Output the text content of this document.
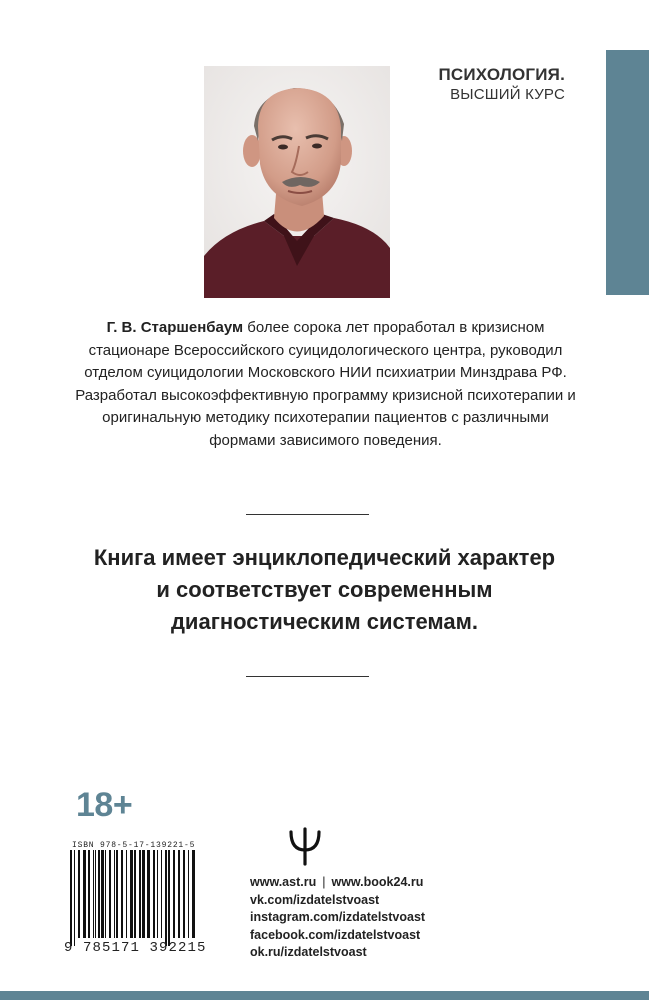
ПСИХОЛОГИЯ.
ВЫСШИЙ КУРС
Г. В. Старшенбаум более сорока лет проработал в кризисном стационаре Всероссийского суицидологического центра, руководил отделом суицидологии Московского НИИ психиатрии Минздрава РФ. Разработал высокоэффективную программу кризисной психотерапии и оригинальную методику психотерапии пациентов с различными формами зависимого поведения.
Книга имеет энциклопедический характер
и соответствует современным
диагностическим системам.
18+
ISBN 978-5-17-139221-5
9 785171 392215
www.ast.ru | www.book24.ru
vk.com/izdatelstvoast
instagram.com/izdatelstvoast
facebook.com/izdatelstvoast
ok.ru/izdatelstvoast
